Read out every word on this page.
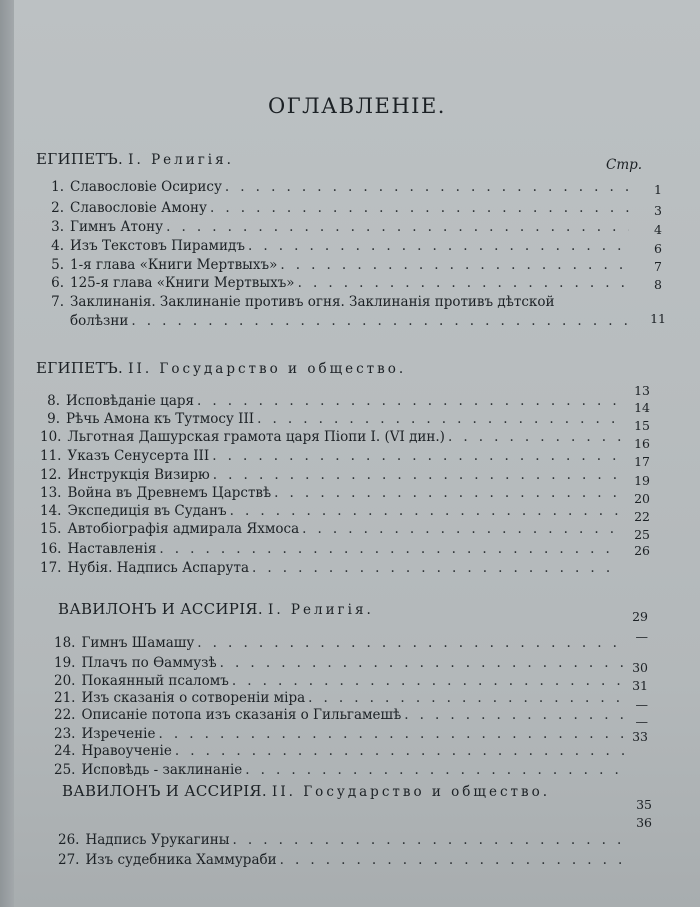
ОГЛАВЛЕНІЕ.
ЕГИПЕТЪ. I. Религія.	Стр.
1. Славословіе Осирису
. . .
2. Славословіе Амону
. . .
3. Гимнъ Атону
. . .
4. Изъ Текстовъ Пирамидъ
. . .
5. 1-я глава «Книги Мертвыхъ»
. . .
6. 125-я глава «Книги Мертвыхъ»
. . .
7. Заклинанія. Заклинаніе противъ огня. Заклинанія противъ дѣтской
болѣзни
. . .
1
3
4
6
7
8
11
ЕГИПЕТЪ. II. Государство и общество.
8. Исповѣданіе царя
. . .
9. Рѣчь Амона къ Тутмосу III
. . .
10. Льготная Дашурская грамота царя Піопи I. (VI дин.)
. . .
11. Указъ Сенусерта III
. . .
12. Инструкція Визирю
. . .
13. Война въ Древнемъ Царствѣ
. . .
14. Экспедиція въ Суданъ
. . .
15. Автобіографія адмирала Яхмоса
. . .
16. Наставленія
. . .
17. Нубія. Надпись Аспарута
. . .
13
14
15
16
17
19
20
22
25
26
ВАВИЛОНЪ И АССИРІЯ. I. Религія.
18. Гимнъ Шамашу
. . .
19. Плачъ по Ѳаммузѣ
. . .
20. Покаянный псаломъ
. . .
21. Изъ сказанія о сотвореніи міра
. . .
22. Описаніе потопа изъ сказанія о Гильгамешѣ
. . .
23. Изреченіе
. . .
24. Нравоученіе
. . .
25. Исповѣдь - заклинаніе
. . .
29
—
30
31
—
—
33
ВАВИЛОНЪ И АССИРІЯ. II. Государство и общество.
26. Надпись Урукагины
. . .
27. Изъ судебника Хаммураби
. . .
35
36
